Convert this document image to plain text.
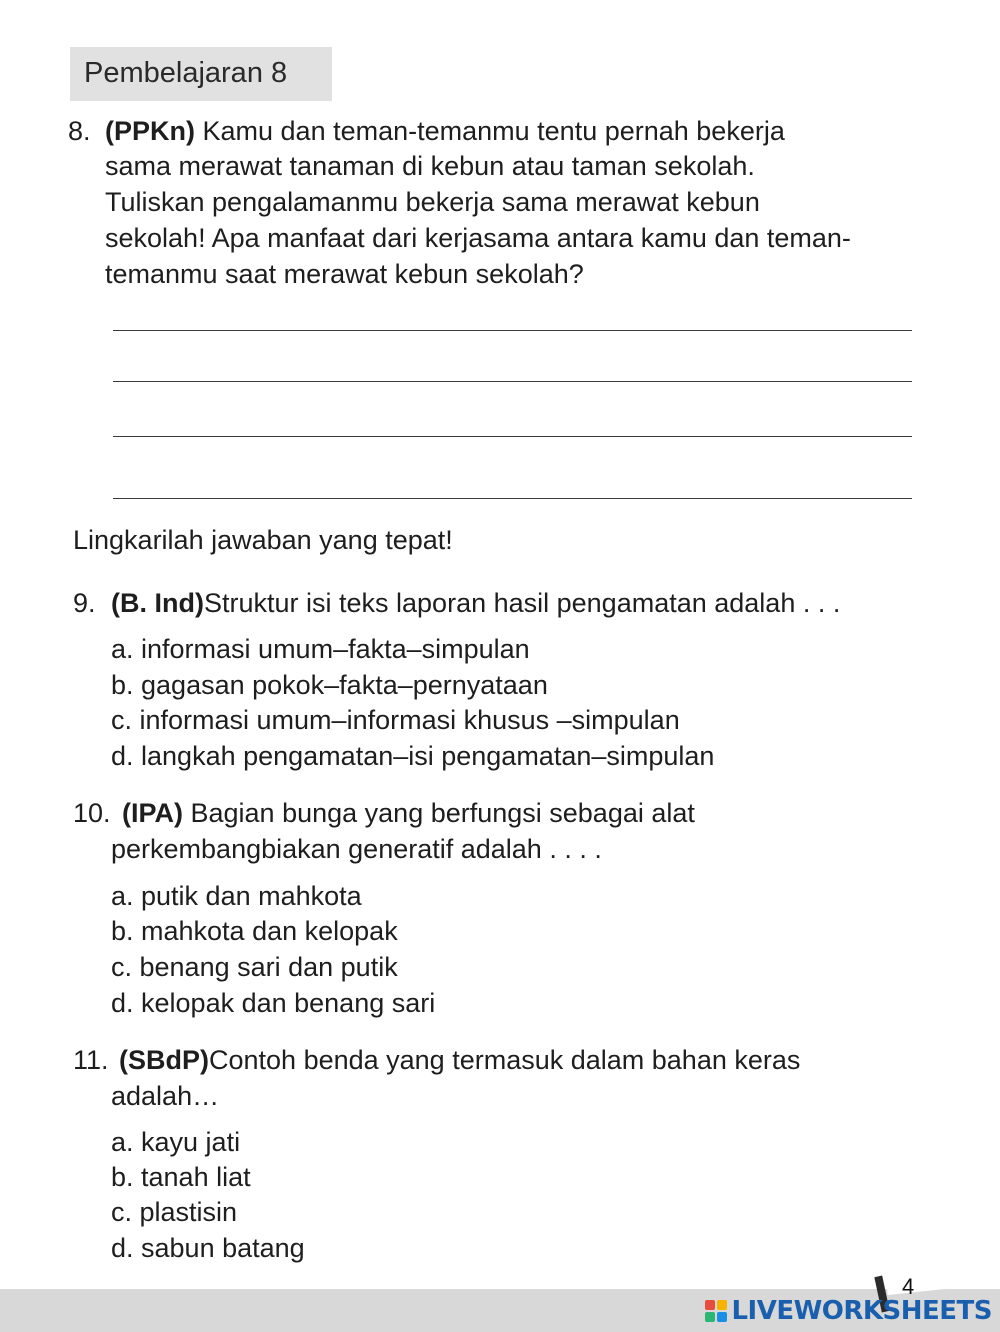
Pembelajaran 8
8. (PPKn) Kamu dan teman-temanmu tentu pernah bekerja
sama merawat tanaman di kebun atau taman sekolah.
Tuliskan pengalamanmu bekerja sama merawat kebun
sekolah! Apa manfaat dari kerjasama antara kamu dan teman-
temanmu saat merawat kebun sekolah?
Lingkarilah jawaban yang tepat!
9. (B. Ind)Struktur isi teks laporan hasil pengamatan adalah . . .
a. informasi umum–fakta–simpulan
b. gagasan pokok–fakta–pernyataan
c. informasi umum–informasi khusus –simpulan
d. langkah pengamatan–isi pengamatan–simpulan
10. (IPA) Bagian bunga yang berfungsi sebagai alat
perkembangbiakan generatif adalah . . . .
a. putik dan mahkota
b. mahkota dan kelopak
c. benang sari dan putik
d. kelopak dan benang sari
11. (SBdP)Contoh benda yang termasuk dalam bahan keras
adalah…
a. kayu jati
b. tanah liat
c. plastisin
d. sabun batang
4
LIVEWORKSHEETS
